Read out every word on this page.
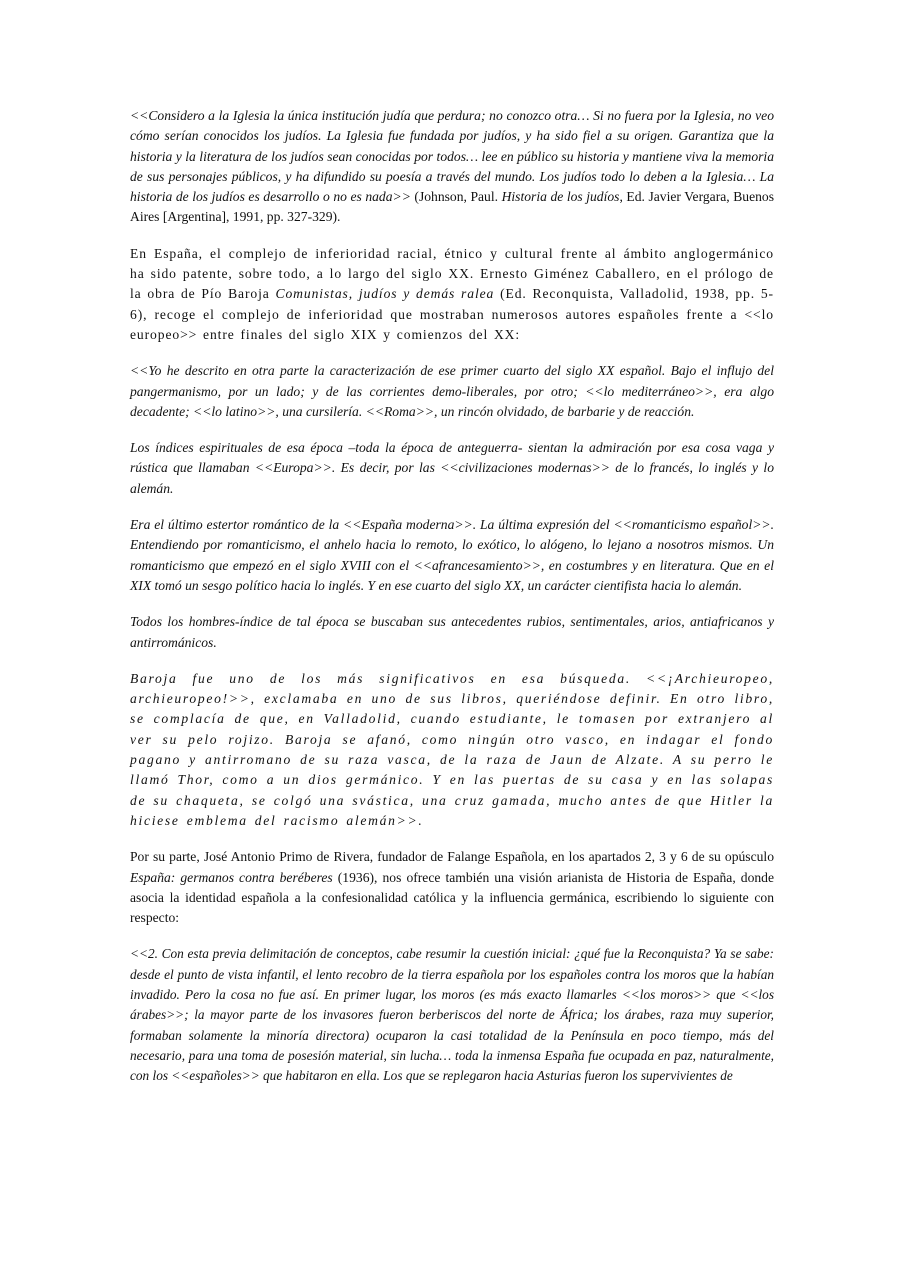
<<Considero a la Iglesia la única institución judía que perdura; no conozco otra… Si no fuera por la Iglesia, no veo cómo serían conocidos los judíos. La Iglesia fue fundada por judíos, y ha sido fiel a su origen. Garantiza que la historia y la literatura de los judíos sean conocidas por todos… lee en público su historia y mantiene viva la memoria de sus personajes públicos, y ha difundido su poesía a través del mundo. Los judíos todo lo deben a la Iglesia… La historia de los judíos es desarrollo o no es nada>> (Johnson, Paul. Historia de los judíos, Ed. Javier Vergara, Buenos Aires [Argentina], 1991, pp. 327-329).

En España, el complejo de inferioridad racial, étnico y cultural frente al ámbito anglogermánico ha sido patente, sobre todo, a lo largo del siglo XX. Ernesto Giménez Caballero, en el prólogo de la obra de Pío Baroja Comunistas, judíos y demás ralea (Ed. Reconquista, Valladolid, 1938, pp. 5-6), recoge el complejo de inferioridad que mostraban numerosos autores españoles frente a <<lo europeo>> entre finales del siglo XIX y comienzos del XX:

<<Yo he descrito en otra parte la caracterización de ese primer cuarto del siglo XX español. Bajo el influjo del pangermanismo, por un lado; y de las corrientes demo-liberales, por otro; <<lo mediterráneo>>, era algo decadente; <<lo latino>>, una cursilería. <<Roma>>, un rincón olvidado, de barbarie y de reacción.

Los índices espirituales de esa época –toda la época de anteguerra- sientan la admiración por esa cosa vaga y rústica que llamaban <<Europa>>. Es decir, por las <<civilizaciones modernas>> de lo francés, lo inglés y lo alemán.

Era el último estertor romántico de la <<España moderna>>. La última expresión del <<romanticismo español>>. Entendiendo por romanticismo, el anhelo hacia lo remoto, lo exótico, lo alógeno, lo lejano a nosotros mismos. Un romanticismo que empezó en el siglo XVIII con el <<afrancesamiento>>, en costumbres y en literatura. Que en el XIX tomó un sesgo político hacia lo inglés. Y en ese cuarto del siglo XX, un carácter cientifista hacia lo alemán.

Todos los hombres-índice de tal época se buscaban sus antecedentes rubios, sentimentales, arios, antiafricanos y antirrománicos.

Baroja fue uno de los más significativos en esa búsqueda. <<¡Archieuropeo, archieuropeo!>>, exclamaba en uno de sus libros, queriéndose definir. En otro libro, se complacía de que, en Valladolid, cuando estudiante, le tomasen por extranjero al ver su pelo rojizo. Baroja se afanó, como ningún otro vasco, en indagar el fondo pagano y antirromano de su raza vasca, de la raza de Jaun de Alzate. A su perro le llamó Thor, como a un dios germánico. Y en las puertas de su casa y en las solapas de su chaqueta, se colgó una svástica, una cruz gamada, mucho antes de que Hitler la hiciese emblema del racismo alemán>>.

Por su parte, José Antonio Primo de Rivera, fundador de Falange Española, en los apartados 2, 3 y 6 de su opúsculo España: germanos contra beréberes (1936), nos ofrece también una visión arianista de Historia de España, donde asocia la identidad española a la confesionalidad católica y la influencia germánica, escribiendo lo siguiente con respecto:

<<2. Con esta previa delimitación de conceptos, cabe resumir la cuestión inicial: ¿qué fue la Reconquista? Ya se sabe: desde el punto de vista infantil, el lento recobro de la tierra española por los españoles contra los moros que la habían invadido. Pero la cosa no fue así. En primer lugar, los moros (es más exacto llamarles <<los moros>> que <<los árabes>>; la mayor parte de los invasores fueron berberiscos del norte de África; los árabes, raza muy superior, formaban solamente la minoría directora) ocuparon la casi totalidad de la Península en poco tiempo, más del necesario, para una toma de posesión material, sin lucha… toda la inmensa España fue ocupada en paz, naturalmente, con los <<españoles>> que habitaron en ella. Los que se replegaron hacia Asturias fueron los supervivientes de
